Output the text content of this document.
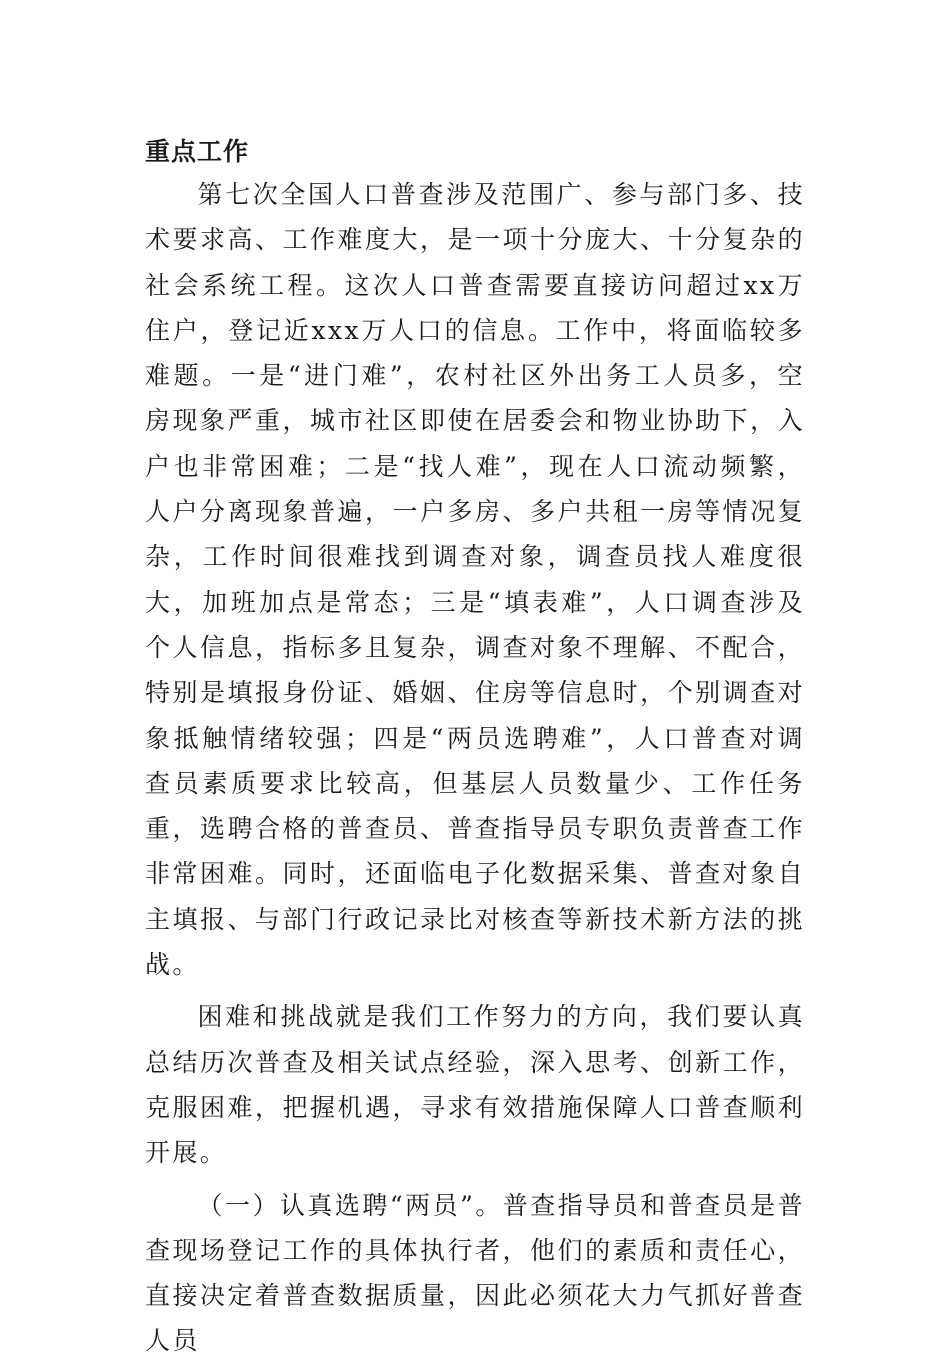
重点工作

第七次全国人口普查涉及范围广、参与部门多、技术要求高、工作难度大，是一项十分庞大、十分复杂的社会系统工程。这次人口普查需要直接访问超过xx万住户，登记近xxx万人口的信息。工作中，将面临较多难题。一是“进门难”，农村社区外出务工人员多，空房现象严重，城市社区即使在居委会和物业协助下，入户也非常困难；二是“找人难”，现在人口流动频繁，人户分离现象普遍，一户多房、多户共租一房等情况复杂，工作时间很难找到调查对象，调查员找人难度很大，加班加点是常态；三是“填表难”，人口调查涉及个人信息，指标多且复杂，调查对象不理解、不配合，特别是填报身份证、婚姻、住房等信息时，个别调查对象抵触情绪较强；四是“两员选聘难”，人口普查对调查员素质要求比较高，但基层人员数量少、工作任务重，选聘合格的普查员、普查指导员专职负责普查工作非常困难。同时，还面临电子化数据采集、普查对象自主填报、与部门行政记录比对核查等新技术新方法的挑战。

困难和挑战就是我们工作努力的方向，我们要认真总结历次普查及相关试点经验，深入思考、创新工作，克服困难，把握机遇，寻求有效措施保障人口普查顺利开展。

（一）认真选聘“两员”。普查指导员和普查员是普查现场登记工作的具体执行者，他们的素质和责任心，直接决定着普查数据质量，因此必须花大力气抓好普查人员
